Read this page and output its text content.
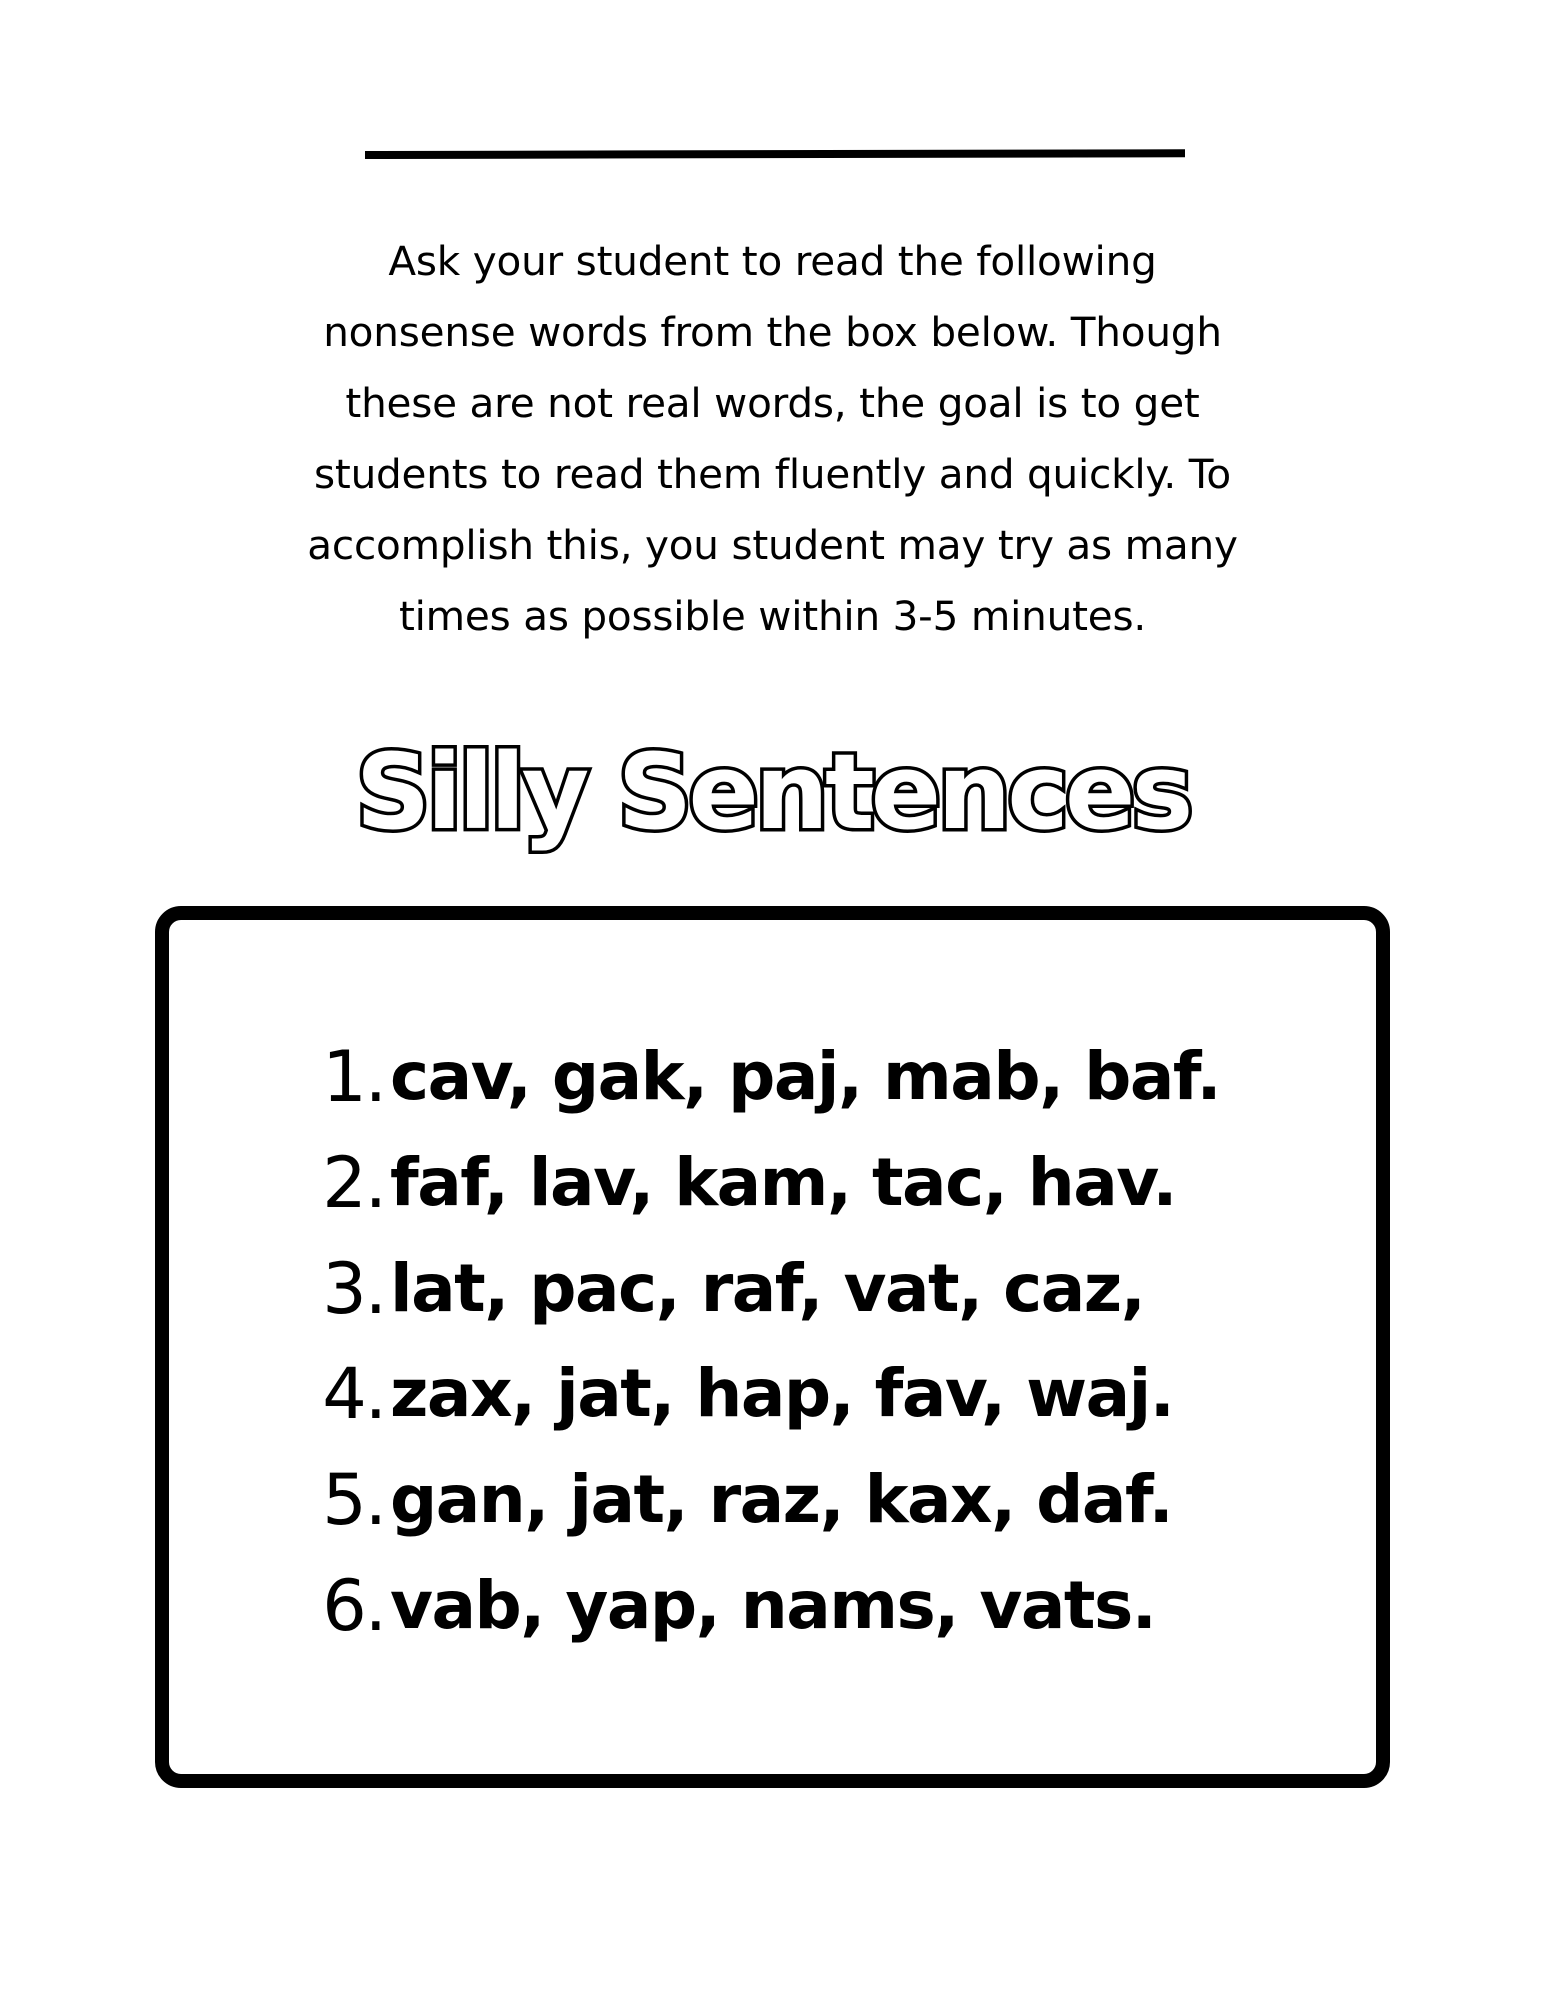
Ask your student to read the following
nonsense words from the box below. Though
these are not real words, the goal is to get
students to read them fluently and quickly. To
accomplish this, you student may try as many
times as possible within 3-5 minutes.
Silly Sentences
1. cav, gak, paj, mab, baf.
2. faf, lav, kam, tac, hav.
3. lat, pac, raf, vat, caz,
4. zax, jat, hap, fav, waj.
5. gan, jat, raz, kax, daf.
6. vab, yap, nams, vats.
